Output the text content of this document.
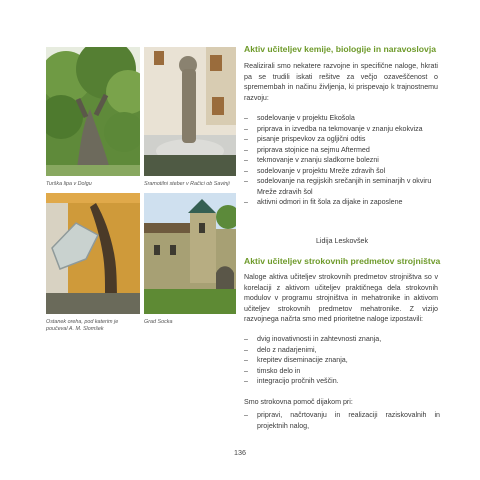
Turška lipa v Dolgu	Sramotilni steber v Račici ob Savinji
Ostanek oreha, pod katerim je poučeval A. M. Slomšek
Grad Socka
Aktiv učiteljev kemije, biologije in naravoslovja

Realizirali smo nekatere razvojne in specifične naloge, hkrati pa se trudili iskati rešitve za večjo ozaveščenost o spremembah in načinu življenja, ki prispevajo k trajnostnemu razvoju:

– sodelovanje v projektu Ekošola
– priprava in izvedba na tekmovanje v znanju ekokviza
– pisanje prispevkov za ogljični odtis
– priprava stojnice na sejmu Aftermed
– tekmovanje v znanju sladkorne bolezni
– sodelovanje v projektu Mreže zdravih šol
– sodelovanje na regijskih srečanjih in seminarjih v okviru Mreže zdravih šol
– aktivni odmori in fit šola za dijake in zaposlene
Lidija Leskovšek
Aktiv učiteljev strokovnih predmetov strojništva

Naloge aktiva učiteljev strokovnih predmetov strojništva so v korelaciji z aktivom učiteljev praktičnega dela strokovnih modulov v programu strojništva in mehatronike in aktivom učiteljev strokovnih predmetov mehatronike. Z vizijo razvojnega načrta smo med prioritetne naloge izpostavili:

– dvig inovativnosti in zahtevnosti znanja,
– delo z nadarjenimi,
– krepitev diseminacije znanja,
– timsko delo in
– integracijo pročnih veščin.

Smo strokovna pomoč dijakom pri:

– pripravi, načrtovanju in realizaciji raziskovalnih in projektnih nalog,
136
